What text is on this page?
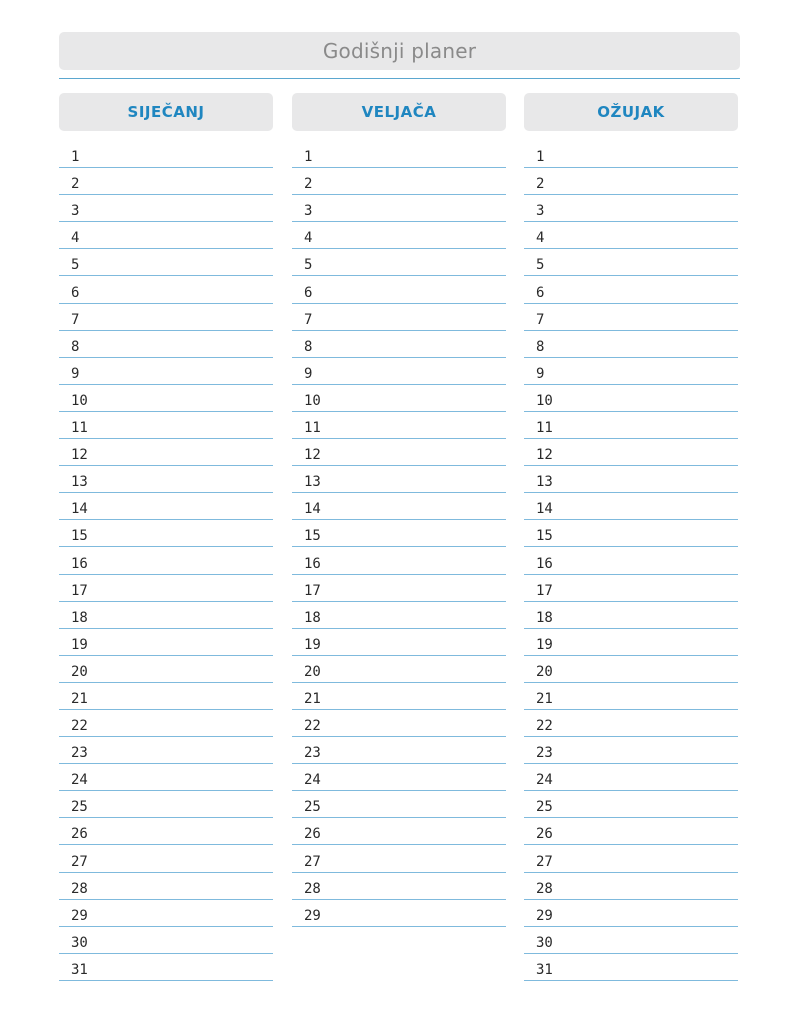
Godišnji planer
SIJEČANJ
1
2
3
4
5
6
7
8
9
10
11
12
13
14
15
16
17
18
19
20
21
22
23
24
25
26
27
28
29
30
31
VELJAČA
1
2
3
4
5
6
7
8
9
10
11
12
13
14
15
16
17
18
19
20
21
22
23
24
25
26
27
28
29
OŽUJAK
1
2
3
4
5
6
7
8
9
10
11
12
13
14
15
16
17
18
19
20
21
22
23
24
25
26
27
28
29
30
31
